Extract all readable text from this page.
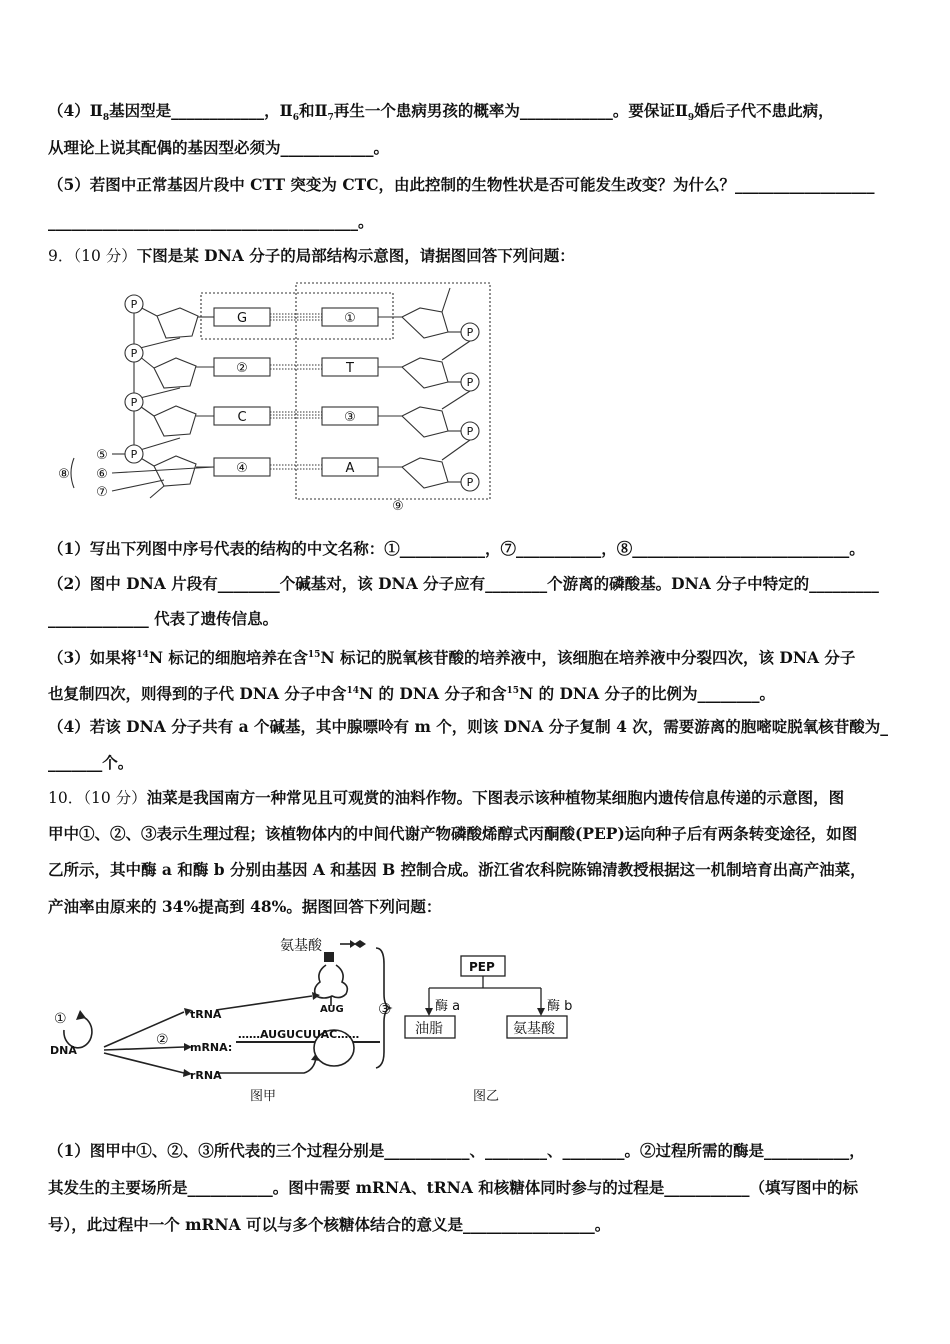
$(4)Ⅱ_8$基因型是____________，$Ⅱ_6$和$Ⅱ_7$再生一个患病男孩的概率为____________。要保证$Ⅱ_9$婚后子代不患此病，
从理论上说其配偶的基因型必须为____________。
（5）若图中正常基因片段中 CTT 突变为 CTC，由此控制的生物性状是否可能发生改变？为什么？__________________
________________________________________。
9．（10 分）下图是某 DNA 分子的局部结构示意图，请据图回答下列问题：
P
P
P
P
P
P
P
P
G
②
C
④
①
T
③
A
⑤
⑥
⑦
⑧
⑨
（1）写出下列图中序号代表的结构的中文名称：①___________，⑦___________，⑧____________________________。
（2）图中 DNA 片段有________个碱基对，该 DNA 分子应有________个游离的磷酸基。DNA 分子中特定的_________
_____________ 代表了遗传信息。
（3）如果将$^{14}$N 标记的细胞培养在含$^{15}$N 标记的脱氧核苷酸的培养液中，该细胞在培养液中分裂四次，该 DNA 分子
也复制四次，则得到的子代 DNA 分子中含$^{14}$N 的 DNA 分子和含$^{15}$N 的 DNA 分子的比例为________。
（4）若该 DNA 分子共有 a 个碱基，其中腺嘌呤有 m 个，则该 DNA 分子复制 4 次，需要游离的胞嘧啶脱氧核苷酸为_
_______个。
10．（10 分）油菜是我国南方一种常见且可观赏的油料作物。下图表示该种植物某细胞内遗传信息传递的示意图，图
甲中①、②、③表示生理过程；该植物体内的中间代谢产物磷酸烯醇式丙酮酸(PEP)运向种子后有两条转变途径，如图
乙所示，其中酶 a 和酶 b 分别由基因 A 和基因 B 控制合成。浙江省农科院陈锦清教授根据这一机制培育出高产油菜，
产油率由原来的 34%提高到 48%。据图回答下列问题：
DNA
tRNA
mRNA:
rRNA
AUG
……AUGUCUUAC……
氨基酸
①
②
③
图甲
PEP
酶 a	酶 b
油脂	氨基酸
图乙
（1）图甲中①、②、③所代表的三个过程分别是___________、________、________。②过程所需的酶是___________，
其发生的主要场所是___________。图中需要 mRNA、tRNA 和核糖体同时参与的过程是___________（填写图中的标
号），此过程中一个 mRNA 可以与多个核糖体结合的意义是_________________。
